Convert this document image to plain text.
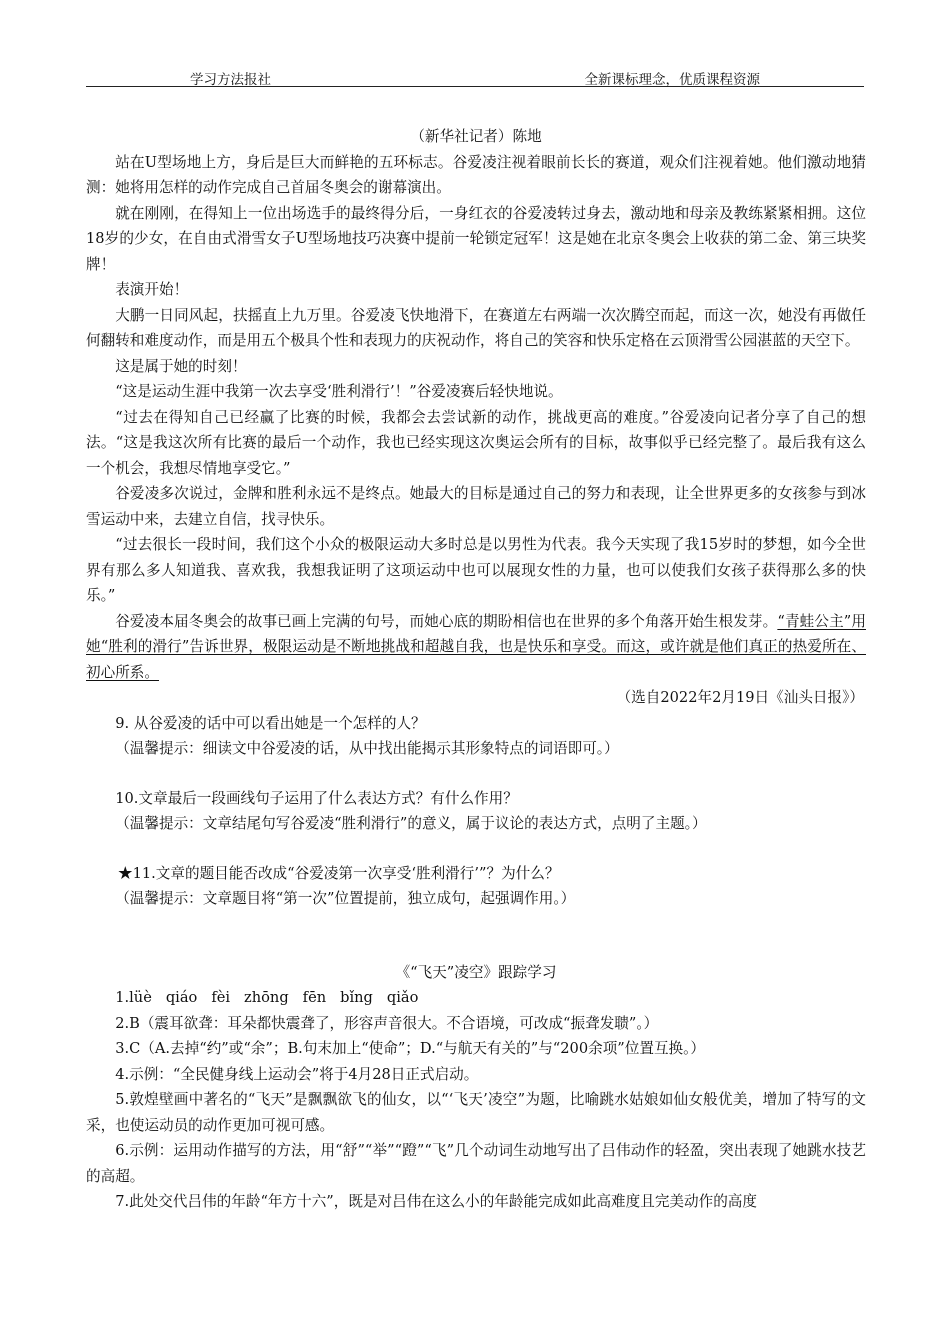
学习方法报社	全新课标理念，优质课程资源

（新华社记者）陈地

站在U型场地上方，身后是巨大而鲜艳的五环标志。谷爱凌注视着眼前长长的赛道，观众们注视着她。他们激动地猜测：她将用怎样的动作完成自己首届冬奥会的谢幕演出。

就在刚刚，在得知上一位出场选手的最终得分后，一身红衣的谷爱凌转过身去，激动地和母亲及教练紧紧相拥。这位18岁的少女，在自由式滑雪女子U型场地技巧决赛中提前一轮锁定冠军！这是她在北京冬奥会上收获的第二金、第三块奖牌！

表演开始！

大鹏一日同风起，扶摇直上九万里。谷爱凌飞快地滑下，在赛道左右两端一次次腾空而起，而这一次，她没有再做任何翻转和难度动作，而是用五个极具个性和表现力的庆祝动作，将自己的笑容和快乐定格在云顶滑雪公园湛蓝的天空下。

这是属于她的时刻！

“这是运动生涯中我第一次去享受‘胜利滑行’！”谷爱凌赛后轻快地说。

“过去在得知自己已经赢了比赛的时候，我都会去尝试新的动作，挑战更高的难度。”谷爱凌向记者分享了自己的想法。“这是我这次所有比赛的最后一个动作，我也已经实现这次奥运会所有的目标，故事似乎已经完整了。最后我有这么一个机会，我想尽情地享受它。”

谷爱凌多次说过，金牌和胜利永远不是终点。她最大的目标是通过自己的努力和表现，让全世界更多的女孩参与到冰雪运动中来，去建立自信，找寻快乐。

“过去很长一段时间，我们这个小众的极限运动大多时总是以男性为代表。我今天实现了我15岁时的梦想，如今全世界有那么多人知道我、喜欢我，我想我证明了这项运动中也可以展现女性的力量，也可以使我们女孩子获得那么多的快乐。”

谷爱凌本届冬奥会的故事已画上完满的句号，而她心底的期盼相信也在世界的多个角落开始生根发芽。“青蛙公主”用她“胜利的滑行”告诉世界，极限运动是不断地挑战和超越自我，也是快乐和享受。而这，或许就是他们真正的热爱所在、初心所系。

（选自2022年2月19日《汕头日报》）

9. 从谷爱凌的话中可以看出她是一个怎样的人？

（温馨提示：细读文中谷爱凌的话，从中找出能揭示其形象特点的词语即可。）

10.文章最后一段画线句子运用了什么表达方式？有什么作用？

（温馨提示：文章结尾句写谷爱凌“胜利滑行”的意义，属于议论的表达方式，点明了主题。）

★11.文章的题目能否改成“谷爱凌第一次享受‘胜利滑行’”？为什么？

（温馨提示：文章题目将“第一次”位置提前，独立成句，起强调作用。）

《“飞天”凌空》跟踪学习

1.lüè qiáo fèi zhōng fēn bǐng qiǎo

2.B（震耳欲聋：耳朵都快震聋了，形容声音很大。不合语境，可改成“振聋发聩”。）

3.C（A.去掉“约”或“余”；B.句末加上“使命”；D.“与航天有关的”与“200余项”位置互换。）

4.示例：“全民健身线上运动会”将于4月28日正式启动。

5.敦煌壁画中著名的“飞天”是飘飘欲飞的仙女，以“‘飞天’凌空”为题，比喻跳水姑娘如仙女般优美，增加了特写的文采，也使运动员的动作更加可视可感。

6.示例：运用动作描写的方法，用“舒”“举”“蹬”“飞”几个动词生动地写出了吕伟动作的轻盈，突出表现了她跳水技艺的高超。

7.此处交代吕伟的年龄“年方十六”，既是对吕伟在这么小的年龄能完成如此高难度且完美动作的高度
